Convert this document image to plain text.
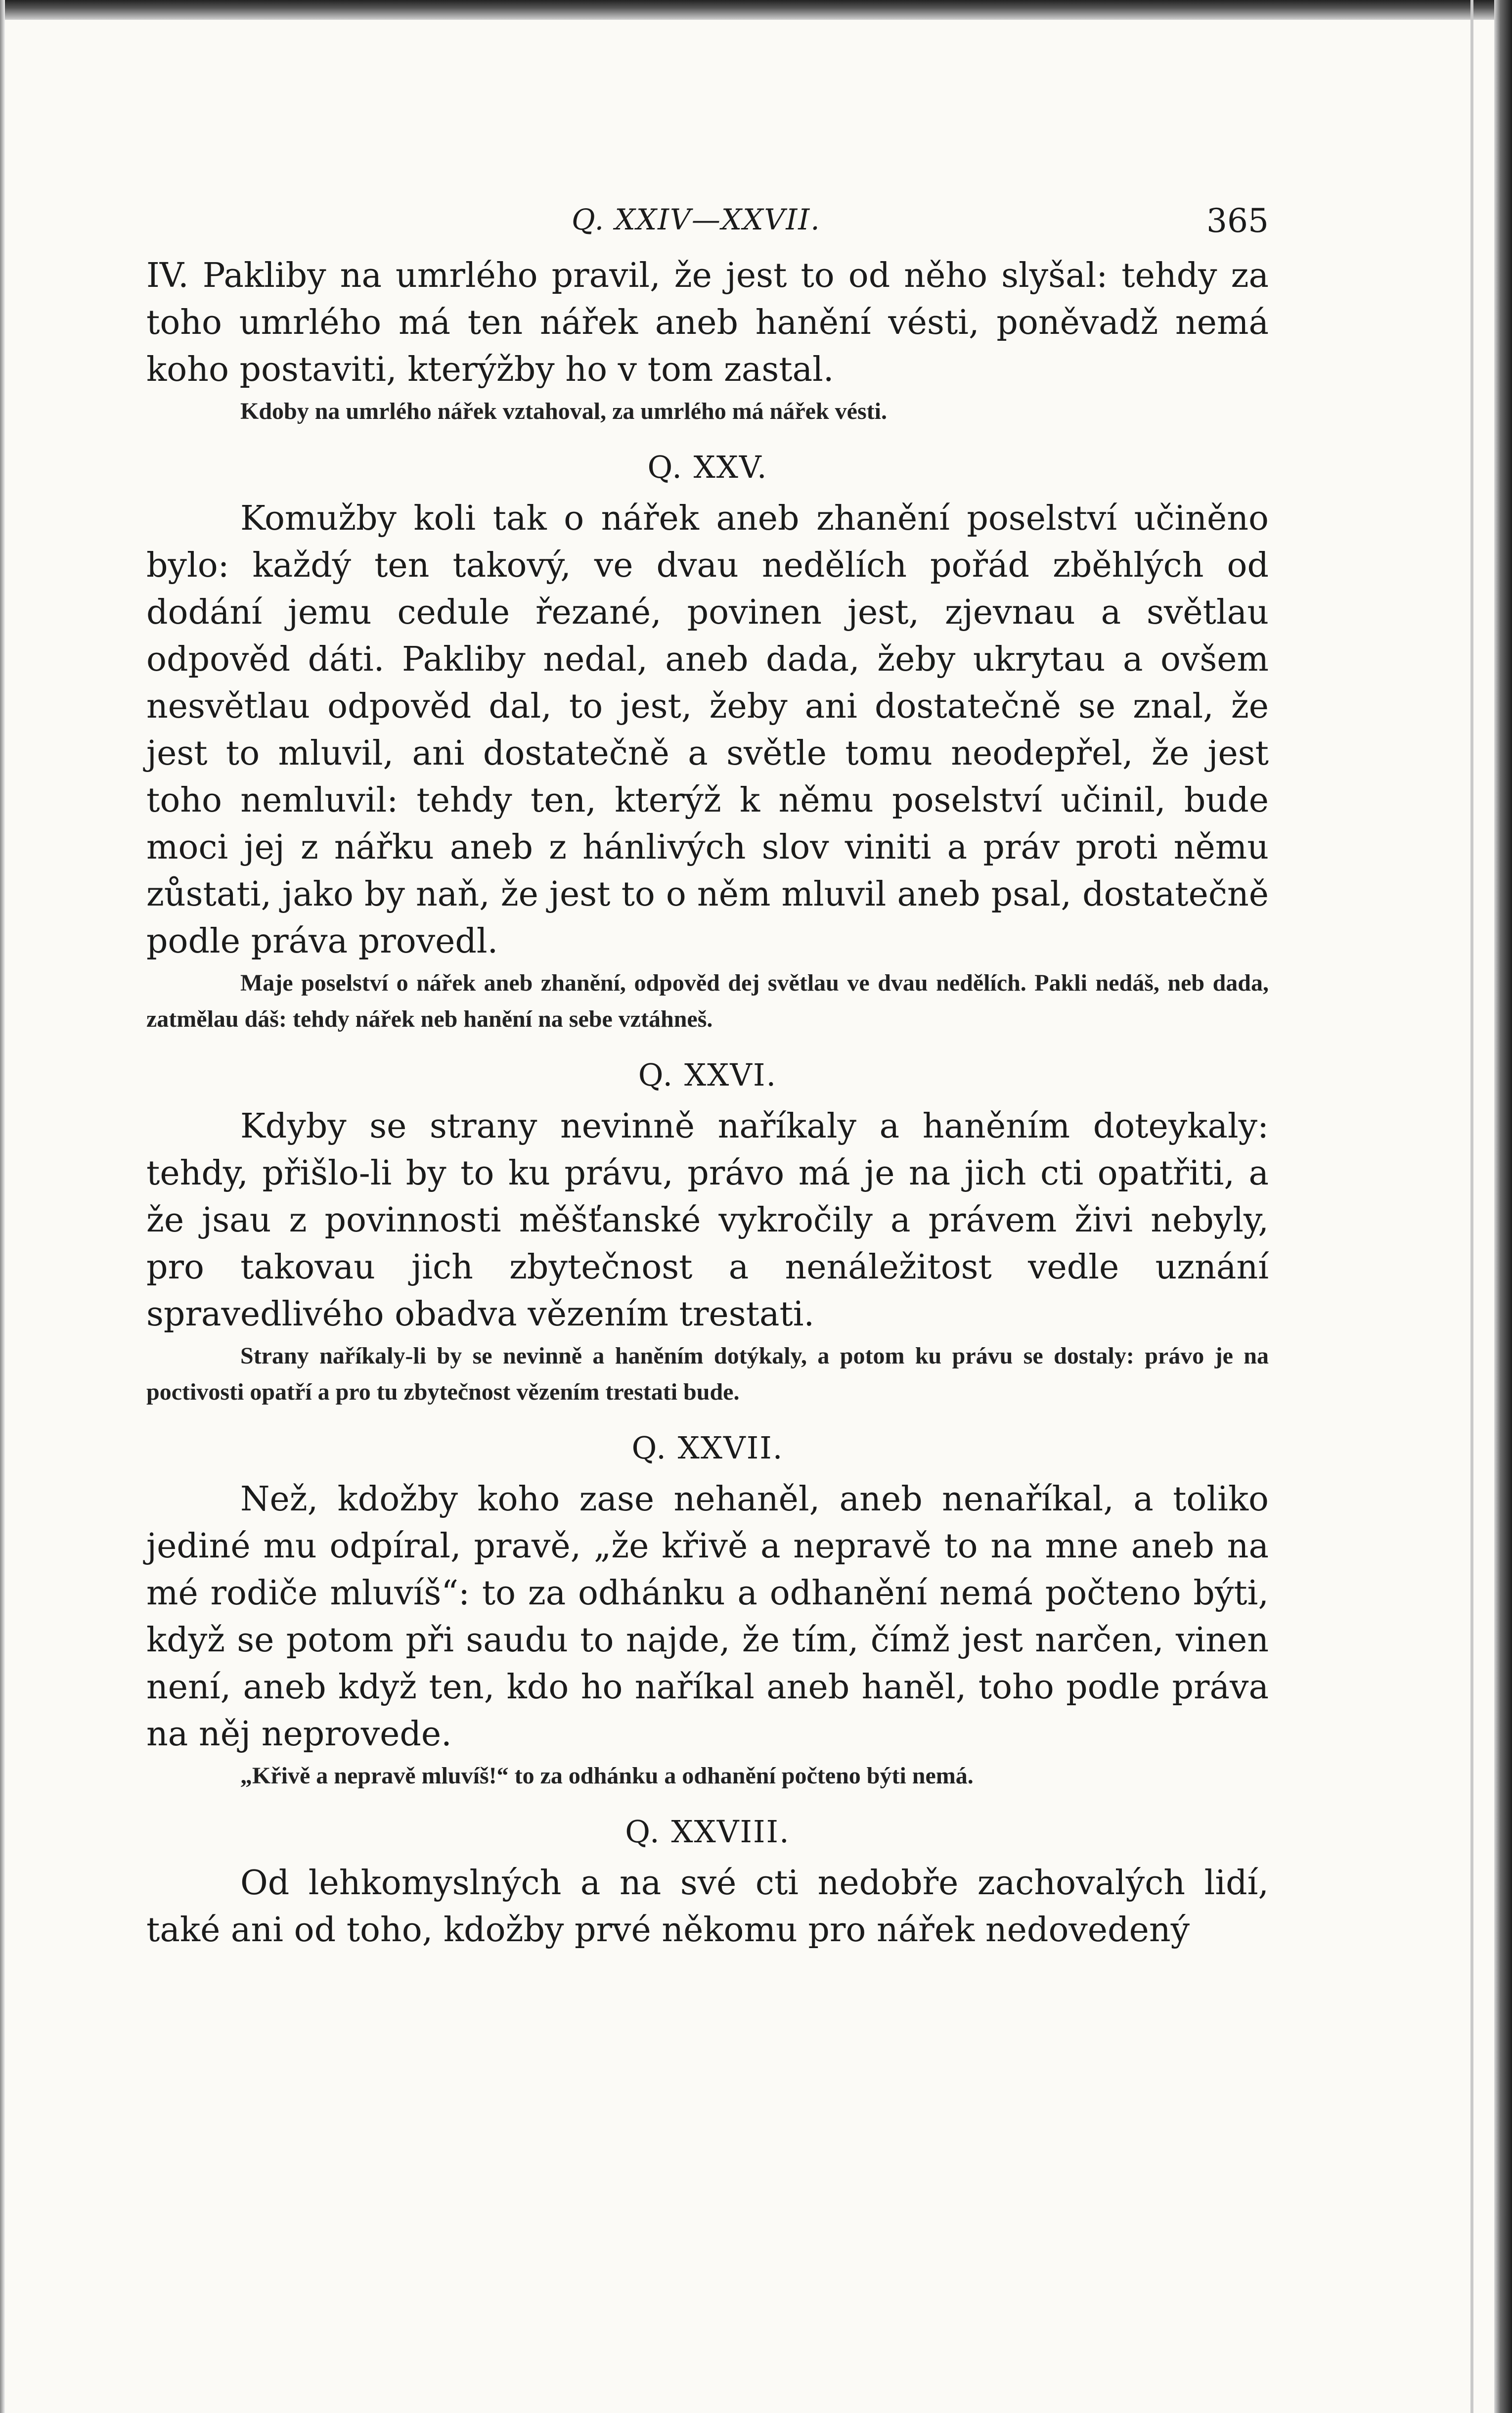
Q. XXIV—XXVII.	365

IV. Pakliby na umrlého pravil, že jest to od něho slyšal: tehdy za toho umrlého má ten nářek aneb hanění vésti, poněvadž nemá koho postaviti, kterýžby ho v tom zastal.

Kdoby na umrlého nářek vztahoval, za umrlého má nářek vésti.

Q. XXV.

Komužby koli tak o nářek aneb zhanění poselství učiněno bylo: každý ten takový, ve dvau nedělích pořád zběhlých od dodání jemu cedule řezané, povinen jest, zjevnau a světlau odpověd dáti. Pakliby nedal, aneb dada, žeby ukrytau a ovšem nesvětlau odpověd dal, to jest, žeby ani dostatečně se znal, že jest to mluvil, ani dostatečně a světle tomu neodepřel, že jest toho nemluvil: tehdy ten, kterýž k němu poselství učinil, bude moci jej z nářku aneb z hánlivých slov viniti a práv proti němu zůstati, jako by naň, že jest to o něm mluvil aneb psal, dostatečně podle práva provedl.

Maje poselství o nářek aneb zhanění, odpověd dej světlau ve dvau nedělích. Pakli nedáš, neb dada, zatmělau dáš: tehdy nářek neb hanění na sebe vztáhneš.

Q. XXVI.

Kdyby se strany nevinně naříkaly a haněním doteykaly: tehdy, přišlo-li by to ku právu, právo má je na jich cti opatřiti, a že jsau z povinnosti měšťanské vykročily a právem živi nebyly, pro takovau jich zbytečnost a nenáležitost vedle uznání spravedlivého obadva vězením trestati.

Strany naříkaly-li by se nevinně a haněním dotýkaly, a potom ku právu se dostaly: právo je na poctivosti opatří a pro tu zbytečnost vězením trestati bude.

Q. XXVII.

Než, kdožby koho zase nehaněl, aneb nenaříkal, a toliko jediné mu odpíral, pravě, „že křivě a nepravě to na mne aneb na mé rodiče mluvíš“: to za odhánku a odhanění nemá počteno býti, když se potom při saudu to najde, že tím, čímž jest narčen, vinen není, aneb když ten, kdo ho naříkal aneb haněl, toho podle práva na něj neprovede.

„Křivě a nepravě mluvíš!“ to za odhánku a odhanění počteno býti nemá.

Q. XXVIII.

Od lehkomyslných a na své cti nedobře zachovalých lidí, také ani od toho, kdožby prvé někomu pro nářek nedovedený
